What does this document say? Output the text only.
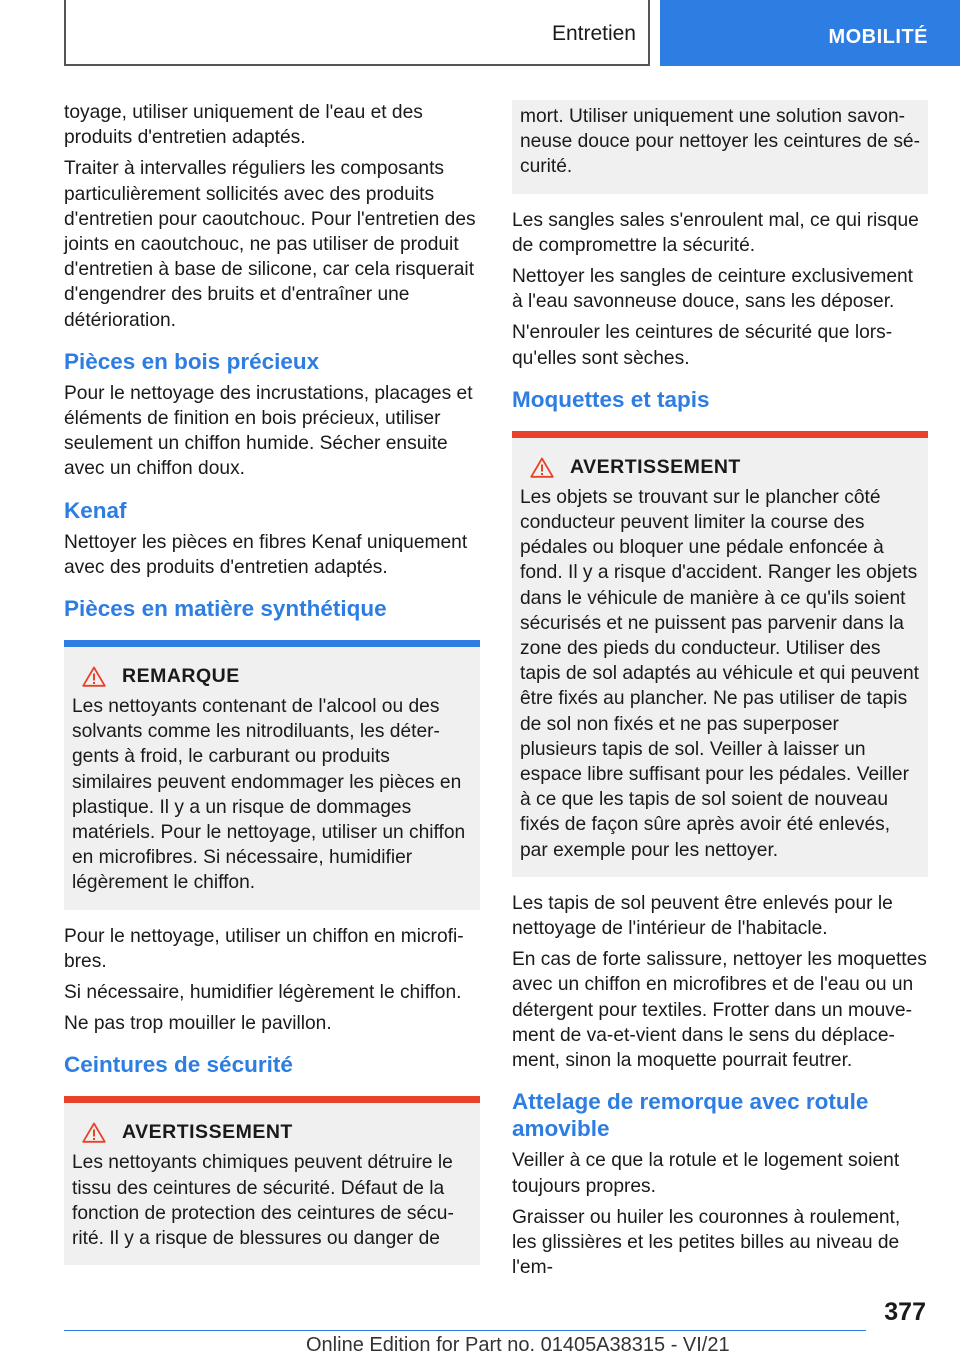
Entretien	MOBILITÉ

toyage, utiliser uniquement de l'eau et des produits d'entretien adaptés.

Traiter à intervalles réguliers les composants particulièrement sollicités avec des produits d'entretien pour caoutchouc. Pour l'entretien des joints en caoutchouc, ne pas utiliser de produit d'entretien à base de silicone, car cela risquerait d'engendrer des bruits et d'entraîner une détérioration.

Pièces en bois précieux

Pour le nettoyage des incrustations, placages et éléments de finition en bois précieux, utiliser seulement un chiffon humide. Sécher ensuite avec un chiffon doux.

Kenaf

Nettoyer les pièces en fibres Kenaf uniquement avec des produits d'entretien adaptés.

Pièces en matière synthétique
REMARQUE

Les nettoyants contenant de l'alcool ou des solvants comme les nitrodiluants, les détergents à froid, le carburant ou produits similaires peuvent endommager les pièces en plastique. Il y a un risque de dommages matériels. Pour le nettoyage, utiliser un chiffon en microfibres. Si nécessaire, humidifier légèrement le chiffon.

Pour le nettoyage, utiliser un chiffon en microfibres.

Si nécessaire, humidifier légèrement le chiffon.

Ne pas trop mouiller le pavillon.

Ceintures de sécurité
AVERTISSEMENT

Les nettoyants chimiques peuvent détruire le tissu des ceintures de sécurité. Défaut de la fonction de protection des ceintures de sécurité. Il y a risque de blessures ou danger de

mort. Utiliser uniquement une solution savonneuse douce pour nettoyer les ceintures de sécurité.

Les sangles sales s'enroulent mal, ce qui risque de compromettre la sécurité.

Nettoyer les sangles de ceinture exclusivement à l'eau savonneuse douce, sans les déposer.

N'enrouler les ceintures de sécurité que lorsqu'elles sont sèches.

Moquettes et tapis
AVERTISSEMENT

Les objets se trouvant sur le plancher côté conducteur peuvent limiter la course des pédales ou bloquer une pédale enfoncée à fond. Il y a risque d'accident. Ranger les objets dans le véhicule de manière à ce qu'ils soient sécurisés et ne puissent pas parvenir dans la zone des pieds du conducteur. Utiliser des tapis de sol adaptés au véhicule et qui peuvent être fixés au plancher. Ne pas utiliser de tapis de sol non fixés et ne pas superposer plusieurs tapis de sol. Veiller à laisser un espace libre suffisant pour les pédales. Veiller à ce que les tapis de sol soient de nouveau fixés de façon sûre après avoir été enlevés, par exemple pour les nettoyer.

Les tapis de sol peuvent être enlevés pour le nettoyage de l'intérieur de l'habitacle.

En cas de forte salissure, nettoyer les moquettes avec un chiffon en microfibres et de l'eau ou un détergent pour textiles. Frotter dans un mouvement de va-et-vient dans le sens du déplacement, sinon la moquette pourrait feutrer.

Attelage de remorque avec rotule amovible

Veiller à ce que la rotule et le logement soient toujours propres.

Graisser ou huiler les couronnes à roulement, les glissières et les petites billes au niveau de l'em-

377
Online Edition for Part no. 01405A38315 - VI/21
